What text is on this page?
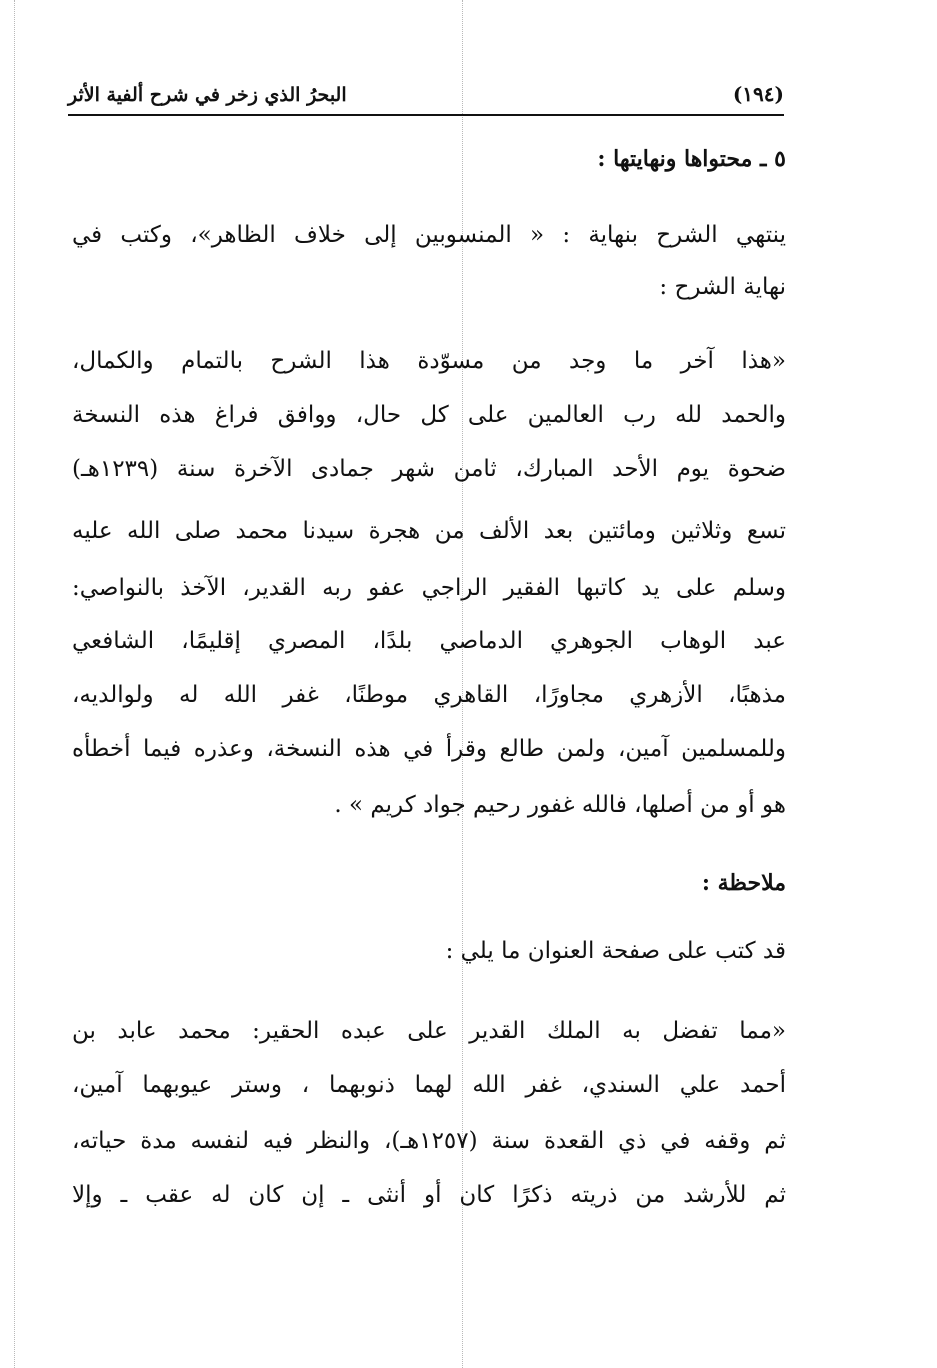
البحرُ الذي زخر في شرح ألفية الأثر	(١٩٤)
٥ ـ محتواها ونهايتها :
ينتهي الشرح بنهاية : « المنسوبين إلى خلاف الظاهر»، وكتب في
نهاية الشرح :
«هذا آخر ما وجد من مسوّدة هذا الشرح بالتمام والكمال،
والحمد لله رب العالمين على كل حال، ووافق فراغ هذه النسخة
ضحوة يوم الأحد المبارك، ثامن شهر جمادى الآخرة سنة (١٢٣٩هـ)
تسع وثلاثين ومائتين بعد الألف من هجرة سيدنا محمد صلى الله عليه
وسلم على يد كاتبها الفقير الراجي عفو ربه القدير، الآخذ بالنواصي:
عبد الوهاب الجوهري الدماصي بلدًا، المصري إقليمًا، الشافعي
مذهبًا، الأزهري مجاورًا، القاهري موطنًا، غفر الله له ولوالديه،
وللمسلمين آمين، ولمن طالع وقرأ في هذه النسخة، وعذره فيما أخطأه
هو أو من أصلها، فالله غفور رحيم جواد كريم » .
ملاحظة :
قد كتب على صفحة العنوان ما يلي :
«مما تفضل به الملك القدير على عبده الحقير: محمد عابد بن
أحمد علي السندي، غفر الله لهما ذنوبهما ، وستر عيوبهما آمين،
ثم وقفه في ذي القعدة سنة (١٢٥٧هـ)، والنظر فيه لنفسه مدة حياته،
ثم للأرشد من ذريته ذكرًا كان أو أنثى ـ إن كان له عقب ـ وإلا
